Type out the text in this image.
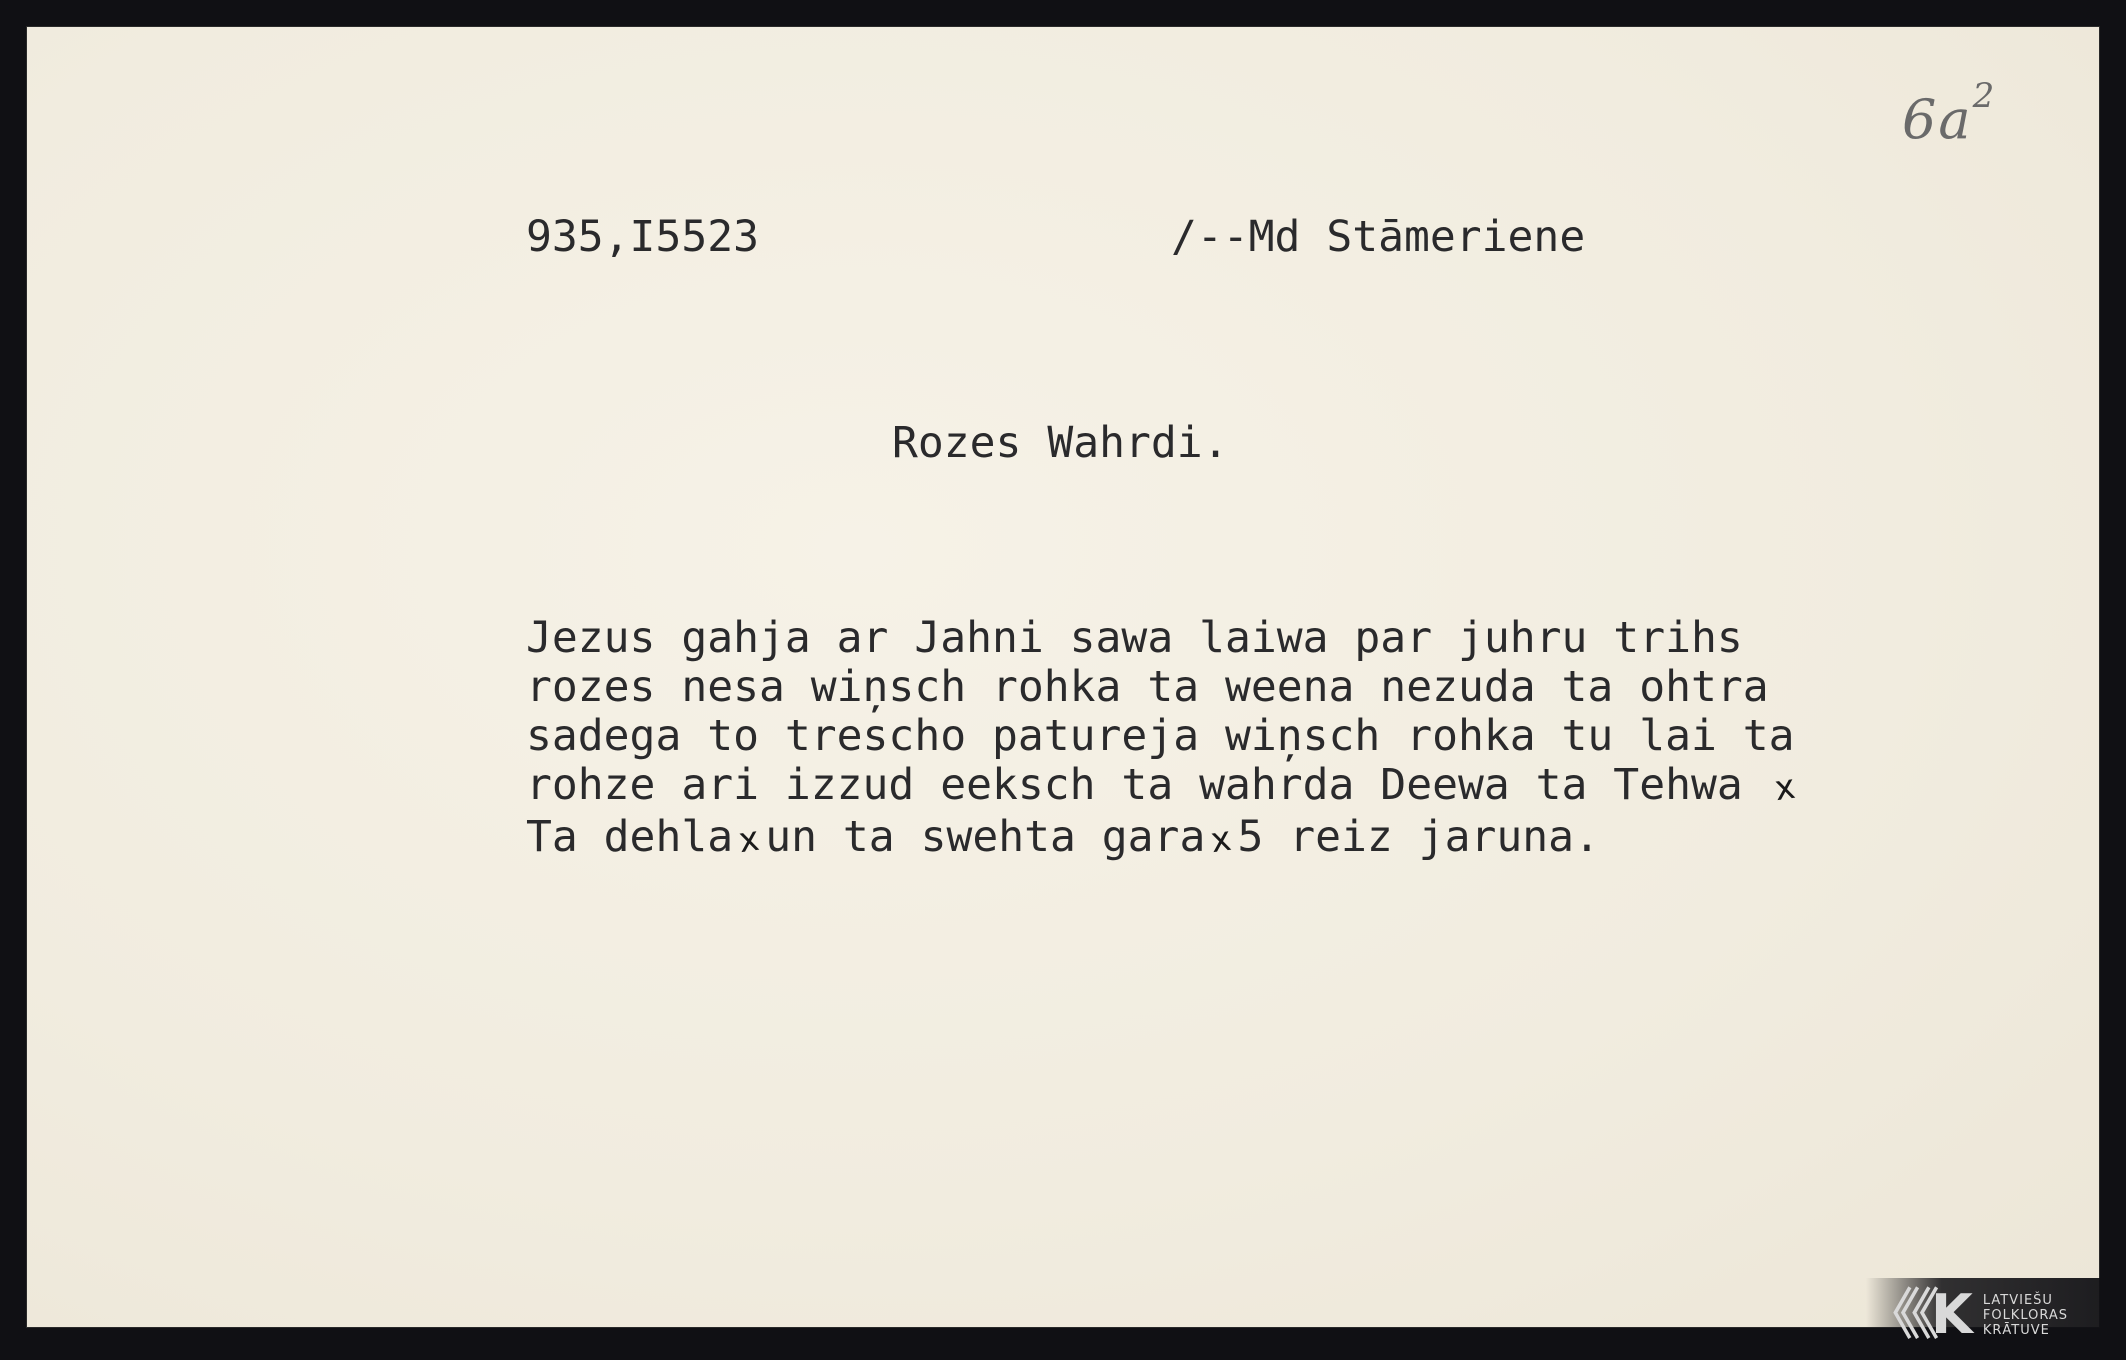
$6a^2$

935,I5523	/--Md Stāmeriene

Rozes Wahrdi.

Jezus gahja ar Jahni sawa laiwa par juhru trihs
rozes nesa wiņsch rohka ta weena nezuda ta ohtra
sadega to trescho patureja wiņsch rohka tu lai ta
rohze ari izzud eeksch ta wahrda Deewa ta Tehwa x
Ta dehlaxun ta swehta garax5 reiz jaruna.
《《K LATVIEŠU
FOLKLORAS
KRĀTUVE
